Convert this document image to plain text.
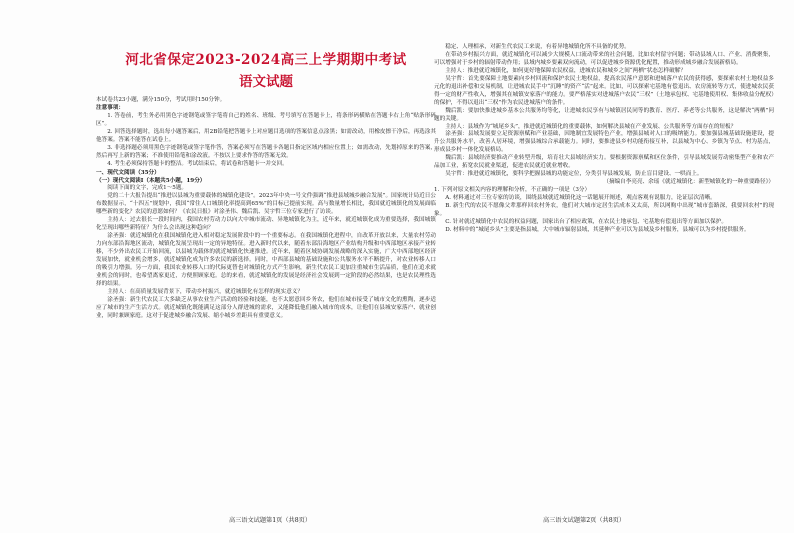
河北省保定2023-2024高三上学期期中考试
语文试题

本试卷共23小题，满分150分，考试用时150分钟。

注意事项：

1. 答卷前，考生务必用黑色字迹钢笔或签字笔将自己的姓名、班级、考号填写在答题卡上，将条形码横贴在答题卡右上角“贴条形码区”。

2. 回答选择题时，选出每小题答案后，用2B铅笔把答题卡上对应题目选项的答案信息点涂黑；如需改动，用橡皮擦干净后，再选涂其他答案。答案不能答在试卷上。

3. 非选择题必须用黑色字迹钢笔或签字笔作答，答案必须写在答题卡各题目指定区域内相应位置上；如需改动，先划掉原来的答案，然后再写上新的答案；不准使用铅笔和涂改液。不按以上要求作答的答案无效。

4. 考生必须保持答题卡的整洁。考试结束后，将试卷和答题卡一并交回。

一、现代文阅读（35分）

（一）现代文阅读Ⅰ（本题共5小题，19分）

阅读下面的文字，完成1～5题。

党的二十大报告提出“推进以县城为重要载体的城镇化建设”。2023年中央一号文件强调“推进县域城乡融合发展”。国家统计局近日公布数据显示，“十四五”规划中，我国“常住人口城镇化率提高到65%”的目标已提前实现。高与数量增长相比，我国就近城镇化的发展面临哪些新的变化？农民的意愿如何？《农民日报》对涂圣伟、魏后凯、吴宇哲三位专家进行了访谈。

主持人：过去很长一段时间内，我国农村劳动力以向大中城市流动、异地城镇化为主，近年来，就近城镇化成为重要选择，我国城镇化呈现出哪些新特征？为什么会出现这种趋向？

涂圣强：就近城镇化在我国城镇化进入相对稳定发展阶段中的一个重要标志。在我国城镇化进程中，自改革开放以来，大量农村劳动力向东部沿海地区流动，城镇化发展呈现出一定的异地特征。进入新时代以来，随着东部沿海地区产业结构升级和中西部地区承接产业转移，不少外出农民工开始回流，以县城为载体的就近城镇化快速推进。近年来，随着区域协调发展战略的深入实施，广大中西部地区经济发展加快，就业机会增多，就近城镇化成为许多农民的新选择。同时，中西部县城的基础设施和公共服务水平不断提升，对农业转移人口的吸引力增强。另一方面，我国农业转移人口的代际更替也对城镇化方式产生影响，新生代农民工更加注重城市生活品质，他们在追求就业机会的同时，也希望离家更近，方便照顾家庭。总的来看，就近城镇化的发展是经济社会发展到一定阶段的必然结果，也是农民理性选择的结果。

主持人：在高质量发展背景下，带动乡村振兴，就近城镇化有怎样的现实意义？

涂圣强：新生代农民工大多缺乏从事农业生产活动的经验和技能，也不太愿意回乡务农，他们在城市接受了城市文化的熏陶，逐步适应了城市的生产生活方式。就近城镇化既能满足这部分人群进城的需求，又能降低他们融入城市的成本，让他们在县城安家落户、就业创业，同时兼顾家庭。这对于促进城乡融合发展、缩小城乡差距具有重要意义。

稳定、人理相承，对新生代农民工来说，有着异地城镇化所不具备的优势。

在带动乡村振兴方面，就近城镇化可以减少大规模人口流动带来的社会问题，比如农村留守问题；带动县域人口、产业、消费聚集，可以增强对于乡村的辐射带动作用；县域内城乡要素双向流动，可以促进城乡资源优化配置，推动形成城乡融合发展新格局。

主持人：推进就近城镇化，如何更好地保障农民权益，进城农民和城乡之间“两栖”状态怎样破解？

吴宇哲：首先要保障土地要素向乡村回流和保护农民土地权益，提高农民落户意愿和进城落户农民的获得感，要探索农村土地权益多元化的退出补偿和交易机制，让进城农民手中“沉睡”的资产“活”起来。比如，可以探索宅基地有偿退出、农房流转等方式，使进城农民获得一定的财产性收入，增强其在城镇安家落户的能力。要严格落实对进城落户农民“三权”（土地承包权、宅基地使用权、集体收益分配权）的保护，不得以退出“三权”作为农民进城落户的条件。

魏后凯：要加快推进城乡基本公共服务均等化，让进城农民享有与城镇居民同等的教育、医疗、养老等公共服务，这是解决“两栖”问题的关键。

主持人：县域作为“城尾乡头”，推进就近城镇化的重要载体，如何解决县城在产业发展、公共服务等方面存在的短板？

涂圣强：县域发展要立足资源禀赋和产业基础，因地制宜发展特色产业，增强县城对人口的吸纳能力。要加强县城基础设施建设，提升公共服务水平，改善人居环境，增强县城综合承载能力。同时，要推进县乡村功能衔接互补，以县城为中心、乡镇为节点、村为基点，形成县乡村一体化发展格局。

魏后凯：县域经济要推动产业转型升级，培育壮大县域经济实力。要根据资源禀赋和区位条件，引导县域发展劳动密集型产业和农产品加工业，拓宽农民就业渠道，促进农民就近就业增收。

吴宇哲：推进就近城镇化，要科学把握县城的功能定位，分类引导县城发展，防止盲目建设、一哄而上。

（摘编自李亮亮、余瑶《就近城镇化：新型城镇化的一种重要路径》）

1. 下列对原文相关内容的理解和分析，不正确的一项是（3分）

A. 材料通过对三位专家的访谈，围绕县域就近城镇化这一话题展开阐述，观点客观有说服力，论证层次清晰。

B. 新生代的农民不愿像父辈那样回农村务农，他们对大城市定居生活成本又太高，所以网购中出现“城市套路深，我要回农村”的现象。

C. 针对就近城镇化中农民的权益问题，国家出台了相应政策，在农民土地承包、宅基地有偿退出等方面加以保护。

D. 材料中的“城尾乡头”主要是指县城，大中城市辐射县域，其延伸产业可以为县域及乡村服务，县城可以为乡村提供服务。

高三语文试题第1页（共8页）	高三语文试题第2页（共8页）
